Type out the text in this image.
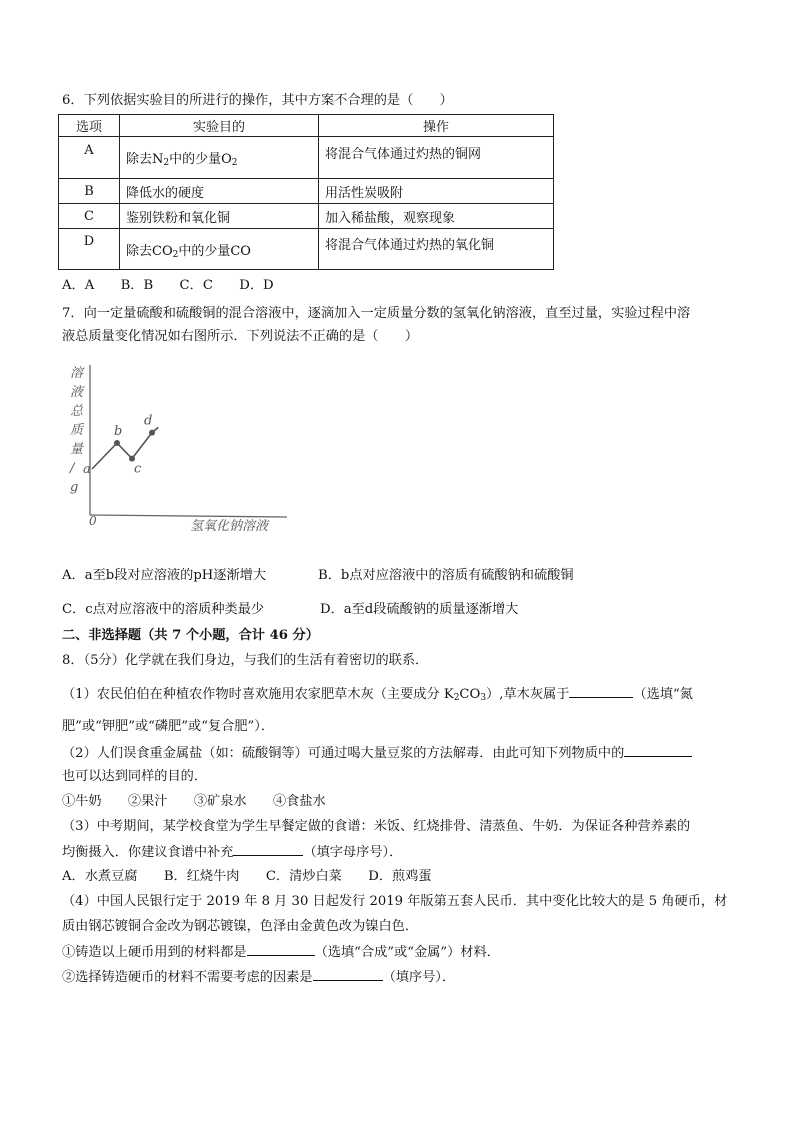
6．下列依据实验目的所进行的操作，其中方案不合理的是（　　）
选项	实验目的	操作
A	除去$N_2$中的少量$O_2$	将混合气体通过灼热的铜网
B	降低水的硬度	用活性炭吸附
C	鉴别铁粉和氧化铜	加入稀盐酸，观察现象
D	除去$CO_2$中的少量CO	将混合气体通过灼热的氧化铜
A．A　　B．B　　C．C　　D．D
7．向一定量硫酸和硫酸铜的混合溶液中，逐滴加入一定质量分数的氢氧化钠溶液，直至过量，实验过程中溶
液总质量变化情况如右图所示．下列说法不正确的是（　　）
溶液总质量/ g
0	氢氧化钠溶液
a
b
c
d
A．a至b段对应溶液的pH逐渐增大	B．b点对应溶液中的溶质有硫酸钠和硫酸铜
C．c点对应溶液中的溶质种类最少	D．a至d段硫酸钠的质量逐渐增大
二、非选择题（共 7 个小题，合计 46 分）
8．（5分）化学就在我们身边，与我们的生活有着密切的联系．
（1）农民伯伯在种植农作物时喜欢施用农家肥草木灰（主要成分 $K_2CO_3$）,草木灰属于	（选填“氮
肥”或“钾肥”或“磷肥”或“复合肥”）．
（2）人们误食重金属盐（如：硫酸铜等）可通过喝大量豆浆的方法解毒．由此可知下列物质中的
也可以达到同样的目的．
①牛奶　　②果汁　　③矿泉水　　④食盐水
（3）中考期间，某学校食堂为学生早餐定做的食谱：米饭、红烧排骨、清蒸鱼、牛奶．为保证各种营养素的
均衡摄入．你建议食谱中补充	（填字母序号）．
A．水煮豆腐　　B．红烧牛肉　　C．清炒白菜　　D．煎鸡蛋
（4）中国人民银行定于 2019 年 8 月 30 日起发行 2019 年版第五套人民币．其中变化比较大的是 5 角硬币，材
质由钢芯镀铜合金改为钢芯镀镍，色泽由金黄色改为镍白色．
①铸造以上硬币用到的材料都是	（选填“合成”或“金属”）材料．
②选择铸造硬币的材料不需要考虑的因素是	（填序号）．
